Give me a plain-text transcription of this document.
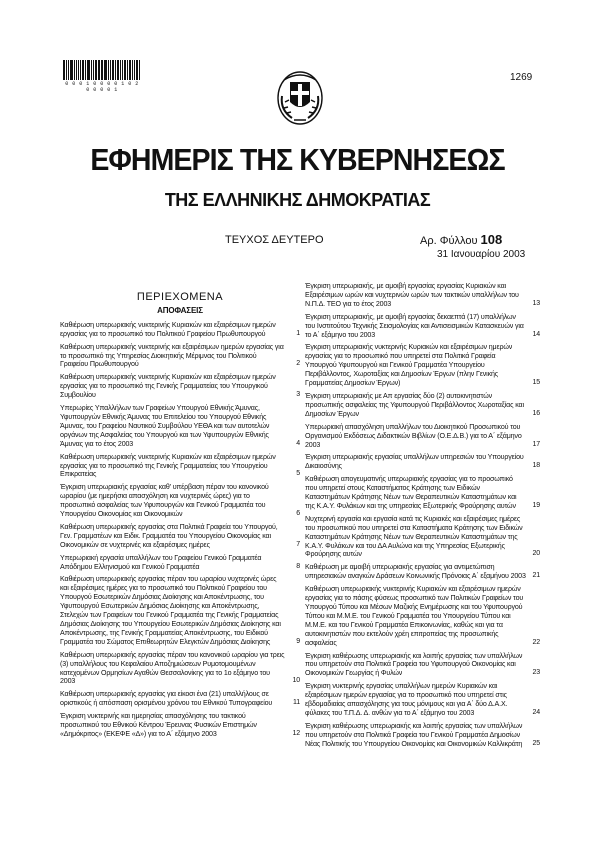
0 0 0 1 0 0 0 0 1 0 2 0 0 0 0 1
1269
ΕΦΗΜΕΡΙΣ ΤΗΣ ΚΥΒΕΡΝΗΣΕΩΣ
ΤΗΣ ΕΛΛΗΝΙΚΗΣ ΔΗΜΟΚΡΑΤΙΑΣ
ΤΕΥΧΟΣ ΔΕΥΤΕΡΟ	Αρ. Φύλλου 108
31 Ιανουαρίου 2003
ΠΕΡΙΕΧΟΜΕΝΑ
ΑΠΟΦΑΣΕΙΣ
Καθιέρωση υπερωριακής νυκτερινής Κυριακών και εξαιρέσιμων ημερών εργασίας για το προσωπικό του Πολιτικού Γραφείου Πρωθυπουργού	1
Καθιέρωση υπερωριακής νυκτερινής και εξαιρέσιμων ημερών εργασίας για το προσωπικό της Υπηρεσίας Διοικητικής Μέριμνας του Πολιτικού Γραφείου Πρωθυπουργού	2
Καθιέρωση υπερωριακής νυκτερινής Κυριακών και εξαιρέσιμων ημερών εργασίας για το προσωπικό της Γενικής Γραμματείας του Υπουργικού Συμβουλίου	3
Υπερωρίες Υπαλλήλων των Γραφείων Υπουργού Εθνικής Άμυνας, Υφυπουργών Εθνικής Άμυνας του Επιτελείου του Υπουργού Εθνικής Άμυνας, του Γραφείου Ναυτικού Συμβούλου ΥΕΘΑ και των αυτοτελών οργάνων της Ασφαλείας του Υπουργού και των Υφυπουργών Εθνικής Άμυνας για το έτος 2003	4
Καθιέρωση υπερωριακής νυκτερινής Κυριακών και εξαιρέσιμων ημερών εργασίας για το προσωπικό της Γενικής Γραμματείας του Υπουργείου Επικρατείας	5
Έγκριση υπερωριακής εργασίας καθ' υπέρβαση πέραν του κανονικού ωραρίου (με ημερήσια απασχόληση και νυχτερινές ώρες) για το προσωπικό ασφαλείας των Υφυπουργών και Γενικού Γραμματέα του Υπουργείου Οικονομίας και Οικονομικών	6
Καθιέρωση υπερωριακής εργασίας στα Πολιτικά Γραφεία του Υπουργού, Γεν. Γραμματέων και Ειδικ. Γραμματέα του Υπουργείου Οικονομίας και Οικονομικών σε νυχτερινές και εξαιρέσιμες ημέρες	7
Υπερωριακή εργασία υπαλλήλων του Γραφείου Γενικού Γραμματέα Απόδημου Ελληνισμού και Γενικού Γραμματέα	8
Καθιέρωση υπερωριακής εργασίας πέραν του ωραρίου νυχτερινές ώρες και εξαιρέσιμες ημέρες για το προσωπικό του Πολιτικού Γραφείου του Υπουργού Εσωτερικών Δημόσιας Διοίκησης και Αποκέντρωσης, του Υφυπουργού Εσωτερικών Δημόσιας Διοίκησης και Αποκέντρωσης, Στελεχών των Γραφείων του Γενικού Γραμματέα της Γενικής Γραμματείας Δημόσιας Διοίκησης του Υπουργείου Εσωτερικών Δημόσιας Διοίκησης και Αποκέντρωσης, της Γενικής Γραμματείας Αποκέντρωσης, του Ειδικού Γραμματέα του Σώματος Επιθεωρητών Ελεγκτών Δημόσιας Διοίκησης	9
Καθιέρωση υπερωριακής εργασίας πέραν του κανονικού ωραρίου για τρεις (3) υπαλλήλους του Κεφαλαίου Αποζημιώσεων Ρυμοτομουμένων κατεχομένων Ορμησίων Αγαθών Θεσσαλονίκης για το 1ο εξάμηνο του 2003	10
Καθιέρωση υπερωριακής εργασίας για είκοσι ένα (21) υπαλλήλους σε οριστικούς ή απόσπαση ορισμένου χρόνου του Εθνικού Τυπογραφείου	11
Έγκριση νυκτερινής και ημερησίας απασχόλησης του τακτικού προσωπικού του Εθνικού Κέντρου Έρευνας Φυσικών Επιστημών «Δημόκριτος» (ΕΚΕΦΕ «Δ») για το Α΄ εξάμηνο 2003	12
Έγκριση υπερωριακής, με αμοιβή εργασίας εργασίας Κυριακών και Εξαιρέσιμων ωρών και νυχτερινών ωρών των τακτικών υπαλλήλων του Ν.Π.Δ. ΤΕΟ για το έτος 2003	13
Έγκριση υπερωριακής, με αμοιβή εργασίας δεκαεπτά (17) υπαλλήλων του Ινστιτούτου Τεχνικής Σεισμολογίας και Αντισεισμικών Κατασκευών για το Α΄ εξάμηνο του 2003	14
Έγκριση υπερωριακής νυκτερινής Κυριακών και εξαιρέσιμων ημερών εργασίας για το προσωπικό που υπηρετεί στα Πολιτικά Γραφεία Υπουργού Υφυπουργού και Γενικού Γραμματέα Υπουργείου Περιβάλλοντος, Χωροταξίας και Δημοσίων Έργων (πλην Γενικής Γραμματείας Δημοσίων Έργων)	15
Έγκριση υπερωριακής με Απ εργασίας δύο (2) αυτοκινητιστών προσωπικής ασφαλείας της Υφυπουργού Περιβάλλοντος Χωροταξίας και Δημοσίων Έργων	16
Υπερωριακή απασχόληση υπαλλήλων του Διοικητικού Προσωπικού του Οργανισμού Εκδόσεως Διδακτικών Βιβλίων (Ο.Ε.Δ.Β.) για το Α΄ εξάμηνο 2003	17
Έγκριση υπερωριακής εργασίας υπαλλήλων υπηρεσιών του Υπουργείου Δικαιοσύνης	18
Καθιέρωση απογευματινής υπερωριακής εργασίας για το προσωπικό που υπηρετεί στους Καταστήματος Κράτησης των Ειδικών Καταστημάτων Κράτησης Νέων των Θεραπευτικών Καταστημάτων και της Κ.Α.Υ. Φυλάκων και της υπηρεσίας Εξωτερικής Φρούρησης αυτών 19
Νυχτερινή εργασία και εργασία κατά τις Κυριακές και εξαιρέσιμες ημέρες του προσωπικού που υπηρετεί στα Καταστήματα Κράτησης των Ειδικών Καταστημάτων Κράτησης Νέων των Θεραπευτικών Καταστημάτων της Κ.Α.Υ. Φυλάκων και του ΔΑ Αυλώνα και της Υπηρεσίας Εξωτερικής Φρούρησης αυτών	20
Καθιέρωση με αμοιβή υπερωριακής εργασίας για αντιμετώπιση υπηρεσιακών αναγκών Δράσεων Κοινωνικής Πρόνοιας Α΄ εξαμήνου 2003 21
Καθιέρωση υπερωριακής νυκτερινής Κυριακών και εξαιρέσιμων ημερών εργασίας για το πάσης φύσεως προσωπικό των Πολιτικών Γραφείων του Υπουργού Τύπου και Μέσων Μαζικής Ενημέρωσης και του Υφυπουργού Τύπου και Μ.Μ.Ε. του Γενικού Γραμματέα του Υπουργείου Τύπου και Μ.Μ.Ε. και του Γενικού Γραμματέα Επικοινωνίας, καθώς και για τα αυτοκινητιστών που εκτελούν χρέη επιτροπείας της προσωπικής ασφαλείας	22
Έγκριση καθιέρωσης υπερωριακής και λοιπής εργασίας των υπαλλήλων που υπηρετούν στα Πολιτικά Γραφεία του Υφυπουργού Οικονομίας και Οικονομικών Γεωργίας ή Φυλών	23
Έγκριση νυκτερινής εργασίας υπαλλήλων ημερών Κυριακών και εξαιρέσιμων ημερών εργασίας για το προσωπικό που υπηρετεί στις εβδομαδιαίας απασχόλησης για τους μόνιμους και για Α΄ δύο Δ.Α.Χ. φύλακες του Τ.Π.Δ. Δ. ανθών για το Α΄ εξάμηνο του 2003	24
Έγκριση καθιέρωσης υπερωριακής και λοιπής εργασίας των υπαλλήλων που υπηρετούν στα Πολιτικά Γραφεία του Γενικού Γραμματέα Δημοσίων Νέας Πολιτικής του Υπουργείου Οικονομίας και Οικονομικών Καλλικράτη 25
